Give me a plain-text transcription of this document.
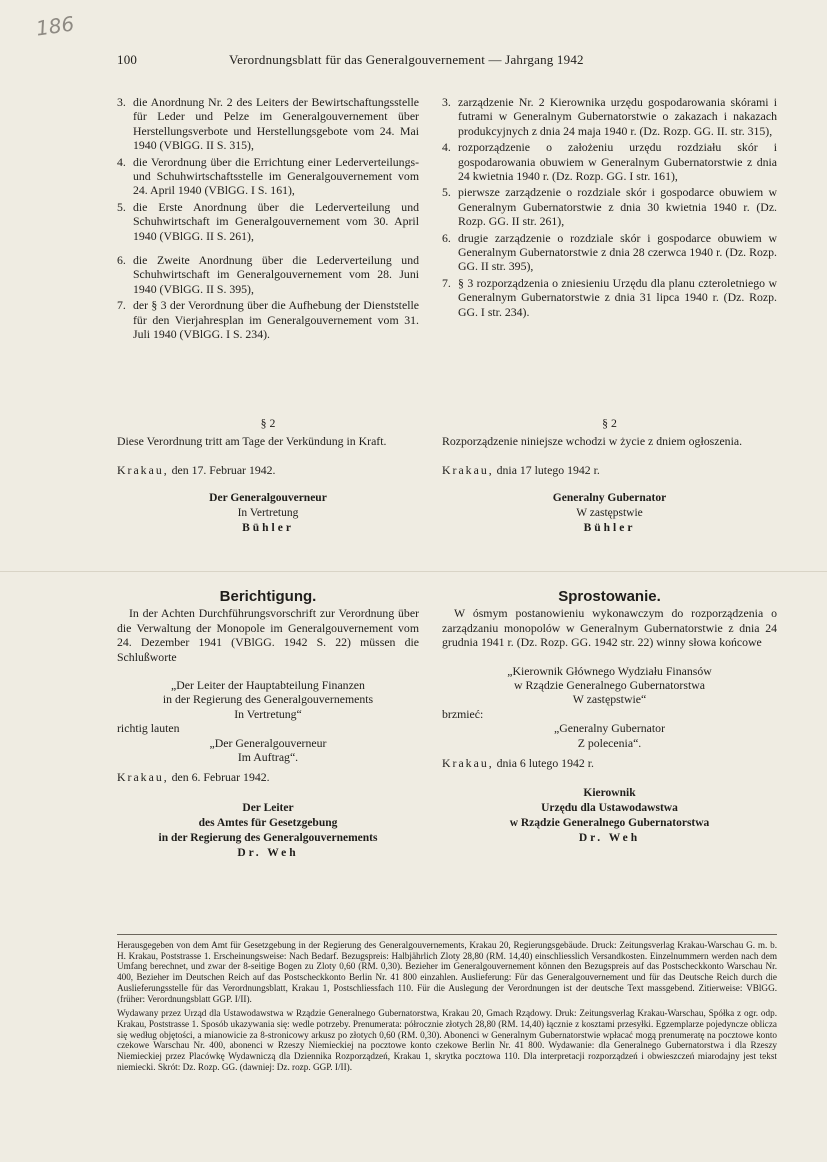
186
100	Verordnungsblatt für das Generalgouvernement — Jahrgang 1942
3. die Anordnung Nr. 2 des Leiters der Bewirtschaftungsstelle für Leder und Pelze im Generalgouvernement über Herstellungsverbote und Herstellungsgebote vom 24. Mai 1940 (VBlGG. II S. 315),
4. die Verordnung über die Errichtung einer Lederverteilungs- und Schuhwirtschaftsstelle im Generalgouvernement vom 24. April 1940 (VBlGG. I S. 161),
5. die Erste Anordnung über die Lederverteilung und Schuhwirtschaft im Generalgouvernement vom 30. April 1940 (VBlGG. II S. 261),
6. die Zweite Anordnung über die Lederverteilung und Schuhwirtschaft im Generalgouvernement vom 28. Juni 1940 (VBlGG. II S. 395),
7. der § 3 der Verordnung über die Aufhebung der Dienststelle für den Vierjahresplan im Generalgouvernement vom 31. Juli 1940 (VBlGG. I S. 234).

§ 2

Diese Verordnung tritt am Tage der Verkündung in Kraft.

Krakau, den 17. Februar 1942.

Der Generalgouverneur
In Vertretung
Bühler
3. zarządzenie Nr. 2 Kierownika urzędu gospodarowania skórami i futrami w Generalnym Gubernatorstwie o zakazach i nakazach produkcyjnych z dnia 24 maja 1940 r. (Dz. Rozp. GG. II. str. 315),
4. rozporządzenie o założeniu urzędu rozdziału skór i gospodarowania obuwiem w Generalnym Gubernatorstwie z dnia 24 kwietnia 1940 r. (Dz. Rozp. GG. I str. 161),
5. pierwsze zarządzenie o rozdziale skór i gospodarce obuwiem w Generalnym Gubernatorstwie z dnia 30 kwietnia 1940 r. (Dz. Rozp. GG. II str. 261),
6. drugie zarządzenie o rozdziale skór i gospodarce obuwiem w Generalnym Gubernatorstwie z dnia 28 czerwca 1940 r. (Dz. Rozp. GG. II str. 395),
7. § 3 rozporządzenia o zniesieniu Urzędu dla planu czteroletniego w Generalnym Gubernatorstwie z dnia 31 lipca 1940 r. (Dz. Rozp. GG. I str. 234).

§ 2

Rozporządzenie niniejsze wchodzi w życie z dniem ogłoszenia.

Krakau, dnia 17 lutego 1942 r.

Generalny Gubernator
W zastępstwie
Bühler

Berichtigung.

In der Achten Durchführungsvorschrift zur Verordnung über die Verwaltung der Monopole im Generalgouvernement vom 24. Dezember 1941 (VBlGG. 1942 S. 22) müssen die Schlußworte

„Der Leiter der Hauptabteilung Finanzen
in der Regierung des Generalgouvernements
In Vertretung“
richtig lauten
„Der Generalgouverneur
Im Auftrag“.

Krakau, den 6. Februar 1942.

Der Leiter
des Amtes für Gesetzgebung
in der Regierung des Generalgouvernements
Dr. Weh

Sprostowanie.

W ósmym postanowieniu wykonawczym do rozporządzenia o zarządzaniu monopolów w Generalnym Gubernatorstwie z dnia 24 grudnia 1941 r. (Dz. Rozp. GG. 1942 str. 22) winny słowa końcowe

„Kierownik Głównego Wydziału Finansów
w Rządzie Generalnego Gubernatorstwa
W zastępstwie“
brzmieć:
„Generalny Gubernator
Z polecenia“.

Krakau, dnia 6 lutego 1942 r.

Kierownik
Urzędu dla Ustawodawstwa
w Rządzie Generalnego Gubernatorstwa
Dr. Weh

Herausgegeben von dem Amt für Gesetzgebung in der Regierung des Generalgouvernements, Krakau 20, Regierungsgebäude. Druck: Zeitungsverlag Krakau-Warschau G. m. b. H. Krakau, Poststrasse 1. Erscheinungsweise: Nach Bedarf. Bezugspreis: Halbjährlich Zloty 28,80 (RM. 14,40) einschliesslich Versandkosten. Einzelnummern werden nach dem Umfang berechnet, und zwar der 8-seitige Bogen zu Zloty 0,60 (RM. 0,30). Bezieher im Generalgouvernement können den Bezugspreis auf das Postscheckkonto Warschau Nr. 400, Bezieher im Deutschen Reich auf das Postscheckkonto Berlin Nr. 41 800 einzahlen. Auslieferung: Für das Generalgouvernement und für das Deutsche Reich durch die Auslieferungsstelle für das Verordnungsblatt, Krakau 1, Postschliessfach 110. Für die Auslegung der Verordnungen ist der deutsche Text massgebend. Zitierweise: VBlGG. (früher: Verordnungsblatt GGP. I/II).

Wydawany przez Urząd dla Ustawodawstwa w Rządzie Generalnego Gubernatorstwa, Krakau 20, Gmach Rządowy. Druk: Zeitungsverlag Krakau-Warschau, Spółka z ogr. odp. Krakau, Poststrasse 1. Sposób ukazywania się: wedle potrzeby. Prenumerata: półrocznie złotych 28,80 (RM. 14,40) łącznie z kosztami przesyłki. Egzemplarze pojedyncze oblicza się według objętości, a mianowicie za 8-stronicowy arkusz po złotych 0,60 (RM. 0,30). Abonenci w Generalnym Gubernatorstwie wpłacać mogą prenumeratę na pocztowe konto czekowe Warschau Nr. 400, abonenci w Rzeszy Niemieckiej na pocztowe konto czekowe Berlin Nr. 41 800. Wydawanie: dla Generalnego Gubernatorstwa i dla Rzeszy Niemieckiej przez Placówkę Wydawniczą dla Dziennika Rozporządzeń, Krakau 1, skrytka pocztowa 110. Dla interpretacji rozporządzeń i obwieszczeń miarodajny jest tekst niemiecki. Skrót: Dz. Rozp. GG. (dawniej: Dz. rozp. GGP. I/II).
